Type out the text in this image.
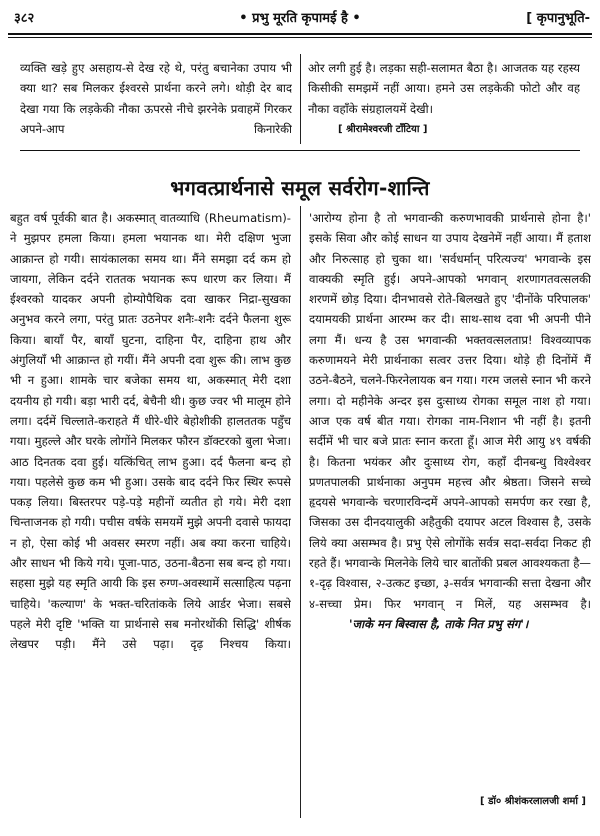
३८२	• प्रभु मूरति कृपामई है •	[ कृपानुभूति-

व्यक्ति खड़े हुए असहाय-से देख रहे थे, परंतु बचानेका उपाय भी क्या था? सब मिलकर ईश्वरसे प्रार्थना करने लगे। थोड़ी देर बाद देखा गया कि लड़केकी नौका ऊपरसे नीचे झरनेके प्रवाहमें गिरकर अपने-आप किनारेकी

ओर लगी हुई है। लड़का सही-सलामत बैठा है। आजतक यह रहस्य किसीकी समझमें नहीं आया। हमने उस लड़केकी फोटो और वह नौका वहाँके संग्रहालयमें देखी।

[ श्रीरामेश्वरजी टाँटिया ]
भगवत्प्रार्थनासे समूल सर्वरोग-शान्ति

बहुत वर्ष पूर्वकी बात है। अकस्मात् वातव्याधि (Rheumatism)-ने मुझपर हमला किया। हमला भयानक था। मेरी दक्षिण भुजा आक्रान्त हो गयी। सायंकालका समय था। मैंने समझा दर्द कम हो जायगा, लेकिन दर्दने राततक भयानक रूप धारण कर लिया। मैं ईश्वरको यादकर अपनी होम्योपैथिक दवा खाकर निद्रा-सुखका अनुभव करने लगा, परंतु प्रातः उठनेपर शनैः-शनैः दर्दने फैलना शुरू किया। बायाँ पैर, बायाँ घुटना, दाहिना पैर, दाहिना हाथ और अंगुलियाँ भी आक्रान्त हो गयीं। मैंने अपनी दवा शुरू की। लाभ कुछ भी न हुआ। शामके चार बजेका समय था, अकस्मात् मेरी दशा दयनीय हो गयी। बड़ा भारी दर्द, बेचैनी थी। कुछ ज्वर भी मालूम होने लगा। दर्दमें चिल्लाते-कराहते मैं धीरे-धीरे बेहोशीकी हालततक पहुँच गया। मुहल्ले और घरके लोगोंने मिलकर फौरन डॉक्टरको बुला भेजा। आठ दिनतक दवा हुई। यत्किंचित् लाभ हुआ। दर्द फैलना बन्द हो गया। पहलेसे कुछ कम भी हुआ। उसके बाद दर्दने फिर स्थिर रूपसे पकड़ लिया। बिस्तरपर पड़े-पड़े महीनों व्यतीत हो गये। मेरी दशा चिन्ताजनक हो गयी। पचीस वर्षके समयमें मुझे अपनी दवासे फायदा न हो, ऐसा कोई भी अवसर स्मरण नहीं। अब क्या करना चाहिये। और साधन भी किये गये। पूजा-पाठ, उठना-बैठना सब बन्द हो गया। सहसा मुझे यह स्मृति आयी कि इस रुग्ण-अवस्थामें सत्साहित्य पढ़ना चाहिये। 'कल्याण' के भक्त-चरितांकके लिये आर्डर भेजा। सबसे पहले मेरी दृष्टि 'भक्ति या प्रार्थनासे सब मनोरथोंकी सिद्धि' शीर्षक लेखपर पड़ी। मैंने उसे पढ़ा। दृढ़ निश्चय किया।

'आरोग्य होना है तो भगवान्की करुणभावकी प्रार्थनासे होना है।' इसके सिवा और कोई साधन या उपाय देखनेमें नहीं आया। मैं हताश और निरुत्साह हो चुका था। 'सर्वधर्मान् परित्यज्य' भगवान्के इस वाक्यकी स्मृति हुई। अपने-आपको भगवान् शरणागतवत्सलकी शरणमें छोड़ दिया। दीनभावसे रोते-बिलखते हुए 'दीनोंके परिपालक' दयामयकी प्रार्थना आरम्भ कर दी। साथ-साथ दवा भी अपनी पीने लगा मैं। धन्य है उस भगवान्की भक्तवत्सलताप्र! विश्वव्यापक करुणामयने मेरी प्रार्थनाका सत्वर उत्तर दिया। थोड़े ही दिनोंमें मैं उठने-बैठने, चलने-फिरनेलायक बन गया। गरम जलसे स्नान भी करने लगा। दो महीनेके अन्दर इस दुःसाध्य रोगका समूल नाश हो गया। आज एक वर्ष बीत गया। रोगका नाम-निशान भी नहीं है। इतनी सर्दीमें भी चार बजे प्रातः स्नान करता हूँ। आज मेरी आयु ४९ वर्षकी है। कितना भयंकर और दुःसाध्य रोग, कहाँ दीनबन्धु विश्वेश्वर प्रणतपालकी प्रार्थनाका अनुपम महत्त्व और श्रेष्ठता। जिसने सच्चे हृदयसे भगवान्के चरणारविन्दमें अपने-आपको समर्पण कर रखा है, जिसका उस दीनदयालुकी अहैतुकी दयापर अटल विश्वास है, उसके लिये क्या असम्भव है। प्रभु ऐसे लोगोंके सर्वत्र सदा-सर्वदा निकट ही रहते हैं। भगवान्के मिलनेके लिये चार बातोंकी प्रबल आवश्यकता है—१-दृढ़ विश्वास, २-उत्कट इच्छा, ३-सर्वत्र भगवान्की सत्ता देखना और ४-सच्चा प्रेम। फिर भगवान् न मिलें, यह असम्भव है।

'जाके मन बिस्वास है, ताके नित प्रभु संग'।

[ डॉ० श्रीशंकरलालजी शर्मा ]
